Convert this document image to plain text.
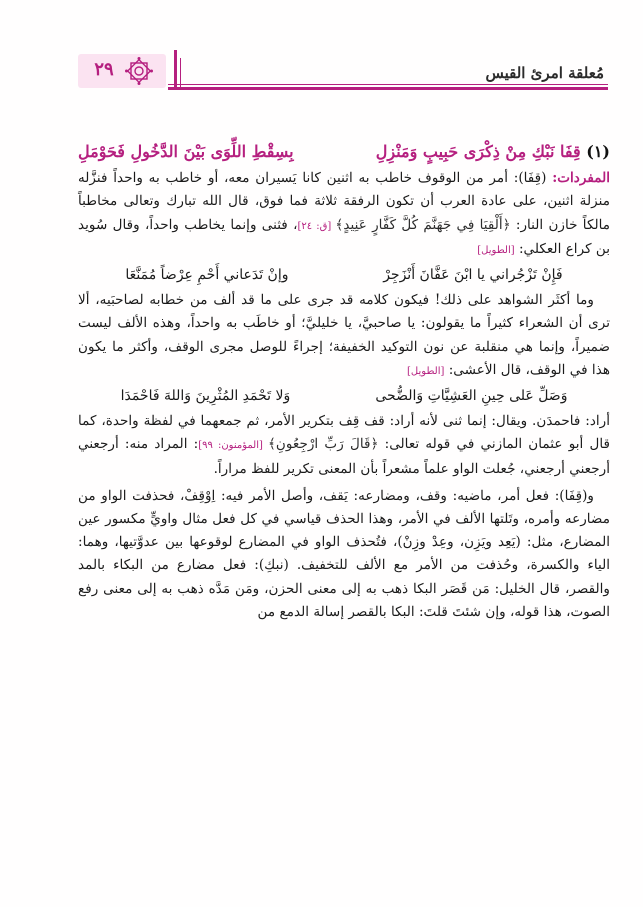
مُعلقة امرئ القيس
٢٩
(١) قِفَا نَبْكِ مِنْ ذِكْرَى حَبِيبٍ وَمَنْزِلِ
بِسِقْطِ اللِّوَى بَيْنَ الدَّخُولِ فَحَوْمَلِ

المفردات: (قِفَا): أمر من الوقوف خاطب به اثنين كانا يَسيران معه، أو خاطب به واحداً فنزَّله منزلة اثنين، على عادة العرب أن تكون الرفقة ثلاثة فما فوق، قال الله تبارك وتعالى مخاطباً مالكاً خازن النار: ﴿أَلْقِيَا فِي جَهَنَّمَ كُلَّ كَفَّارٍ عَنِيدٍ﴾ [ق: ٢٤]، فثنى وإنما يخاطب واحداً، وقال سُويد بن كراع العكلي: [الطويل]

فَإِنْ تَزْجُراني يا ابْنَ عَفَّانَ أَنْزَجِرْ
وإنْ تَدَعاني أَحْمِ عِرْضاً مُمَنَّعَا

وما أكثَر الشواهد على ذلك! فيكون كلامه قد جرى على ما قد ألف من خطابه لصاحبَيه، ألا ترى أن الشعراء كثيراً ما يقولون: يا صاحبيَّ، يا خليليَّ؛ أو خاطَب به واحداً، وهذه الألف ليست ضميراً، وإنما هي منقلبة عن نون التوكيد الخفيفة؛ إجراءً للوصل مجرى الوقف، وأكثر ما يكون هذا في الوقف، قال الأعشى: [الطويل]

وَصَلِّ عَلى حِينِ العَشِيَّاتِ وَالضُّحى
وَلا تَحْمَدِ المُثْرِينَ وَاللهَ فَاحْمَدَا

أراد: فاحمدَن. ويقال: إنما ثنى لأنه أراد: قف قِف بتكرير الأمر، ثم جمعهما في لفظة واحدة، كما قال أبو عثمان المازني في قوله تعالى: ﴿قَالَ رَبِّ ارْجِعُونِ﴾ [المؤمنون: ٩٩]: المراد منه: أرجعني أرجعني أرجعني، جُعلت الواو علماً مشعراً بأن المعنى تكرير للفظ مراراً.

و(قِفَا): فعل أمر، ماضيه: وقف، ومضارعه: يَقف، وأصل الأمر فيه: اِوْقِفْ، فحذفت الواو من مضارعه وأمره، وتَلتها الألف في الأمر، وهذا الحذف قياسي في كل فعل مثال واويٍّ مكسور عين المضارع، مثل: (يَعِد ويَزِن، وعِدْ وزِنْ)، فتُحذف الواو في المضارع لوقوعها بين عدوَّتيها، وهما: الياء والكسرة، وحُذفت من الأمر مع الألف للتخفيف. (نبكِ): فعل مضارع من البكاء بالمد والقصر، قال الخليل: مَن قَصَر البكا ذهب به إلى معنى الحزن، ومَن مَدَّه ذهب به إلى معنى رفع الصوت، هذا قوله، وإن شئتَ قلتَ: البكا بالقصر إسالة الدمع من
